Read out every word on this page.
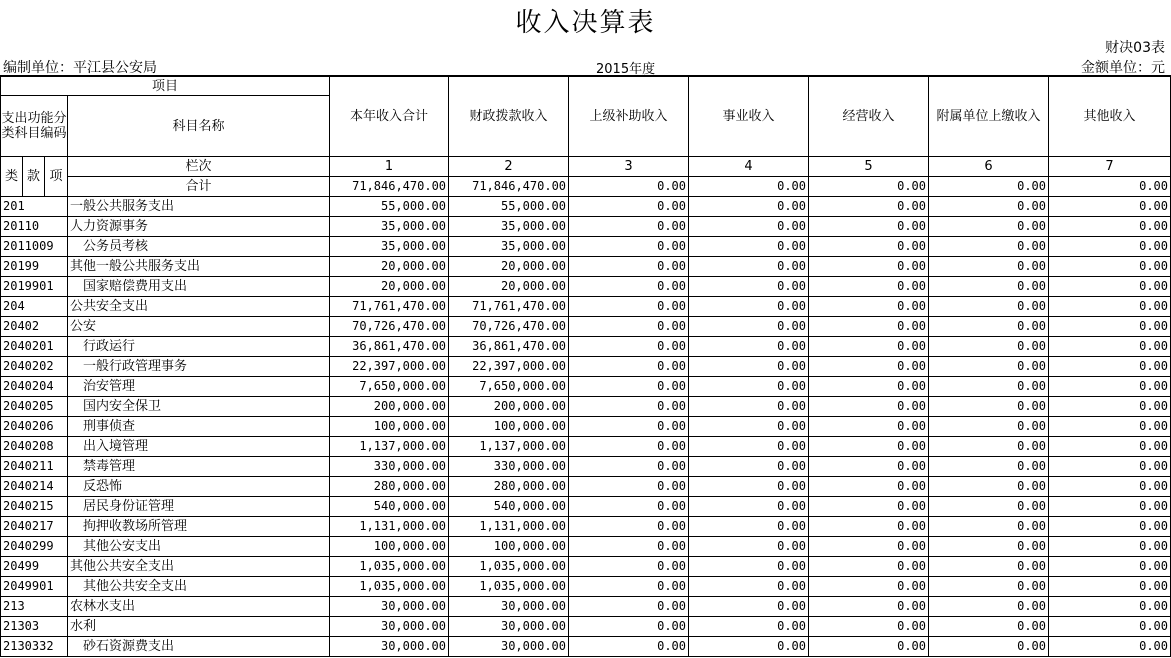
收入决算表
财决03表
编制单位：平江县公安局	2015年度	金额单位：元
项目				本年收入合计	财政拨款收入	上级补助收入	事业收入	经营收入	附属单位上缴收入	其他收入	
支出功能分类科目编码			科目名称								

类	款	项	栏次	1	2	3	4	5	6	7	
			合计	71,846,470.00	71,846,470.00	0.00	0.00	0.00	0.00	0.00	
201			一般公共服务支出	55,000.00	55,000.00	0.00	0.00	0.00	0.00	0.00	
20110			人力资源事务	35,000.00	35,000.00	0.00	0.00	0.00	0.00	0.00	
2011009			　公务员考核	35,000.00	35,000.00	0.00	0.00	0.00	0.00	0.00	
20199			其他一般公共服务支出	20,000.00	20,000.00	0.00	0.00	0.00	0.00	0.00	
2019901			　国家赔偿费用支出	20,000.00	20,000.00	0.00	0.00	0.00	0.00	0.00	
204			公共安全支出	71,761,470.00	71,761,470.00	0.00	0.00	0.00	0.00	0.00	
20402			公安	70,726,470.00	70,726,470.00	0.00	0.00	0.00	0.00	0.00	
2040201			　行政运行	36,861,470.00	36,861,470.00	0.00	0.00	0.00	0.00	0.00	
2040202			　一般行政管理事务	22,397,000.00	22,397,000.00	0.00	0.00	0.00	0.00	0.00	
2040204			　治安管理	7,650,000.00	7,650,000.00	0.00	0.00	0.00	0.00	0.00	
2040205			　国内安全保卫	200,000.00	200,000.00	0.00	0.00	0.00	0.00	0.00	
2040206			　刑事侦查	100,000.00	100,000.00	0.00	0.00	0.00	0.00	0.00	
2040208			　出入境管理	1,137,000.00	1,137,000.00	0.00	0.00	0.00	0.00	0.00	
2040211			　禁毒管理	330,000.00	330,000.00	0.00	0.00	0.00	0.00	0.00	
2040214			　反恐怖	280,000.00	280,000.00	0.00	0.00	0.00	0.00	0.00	
2040215			　居民身份证管理	540,000.00	540,000.00	0.00	0.00	0.00	0.00	0.00	
2040217			　拘押收教场所管理	1,131,000.00	1,131,000.00	0.00	0.00	0.00	0.00	0.00	
2040299			　其他公安支出	100,000.00	100,000.00	0.00	0.00	0.00	0.00	0.00	
20499			其他公共安全支出	1,035,000.00	1,035,000.00	0.00	0.00	0.00	0.00	0.00	
2049901			　其他公共安全支出	1,035,000.00	1,035,000.00	0.00	0.00	0.00	0.00	0.00	
213			农林水支出	30,000.00	30,000.00	0.00	0.00	0.00	0.00	0.00	
21303			水利	30,000.00	30,000.00	0.00	0.00	0.00	0.00	0.00	
2130332			　砂石资源费支出	30,000.00	30,000.00	0.00	0.00	0.00	0.00	0.00	
